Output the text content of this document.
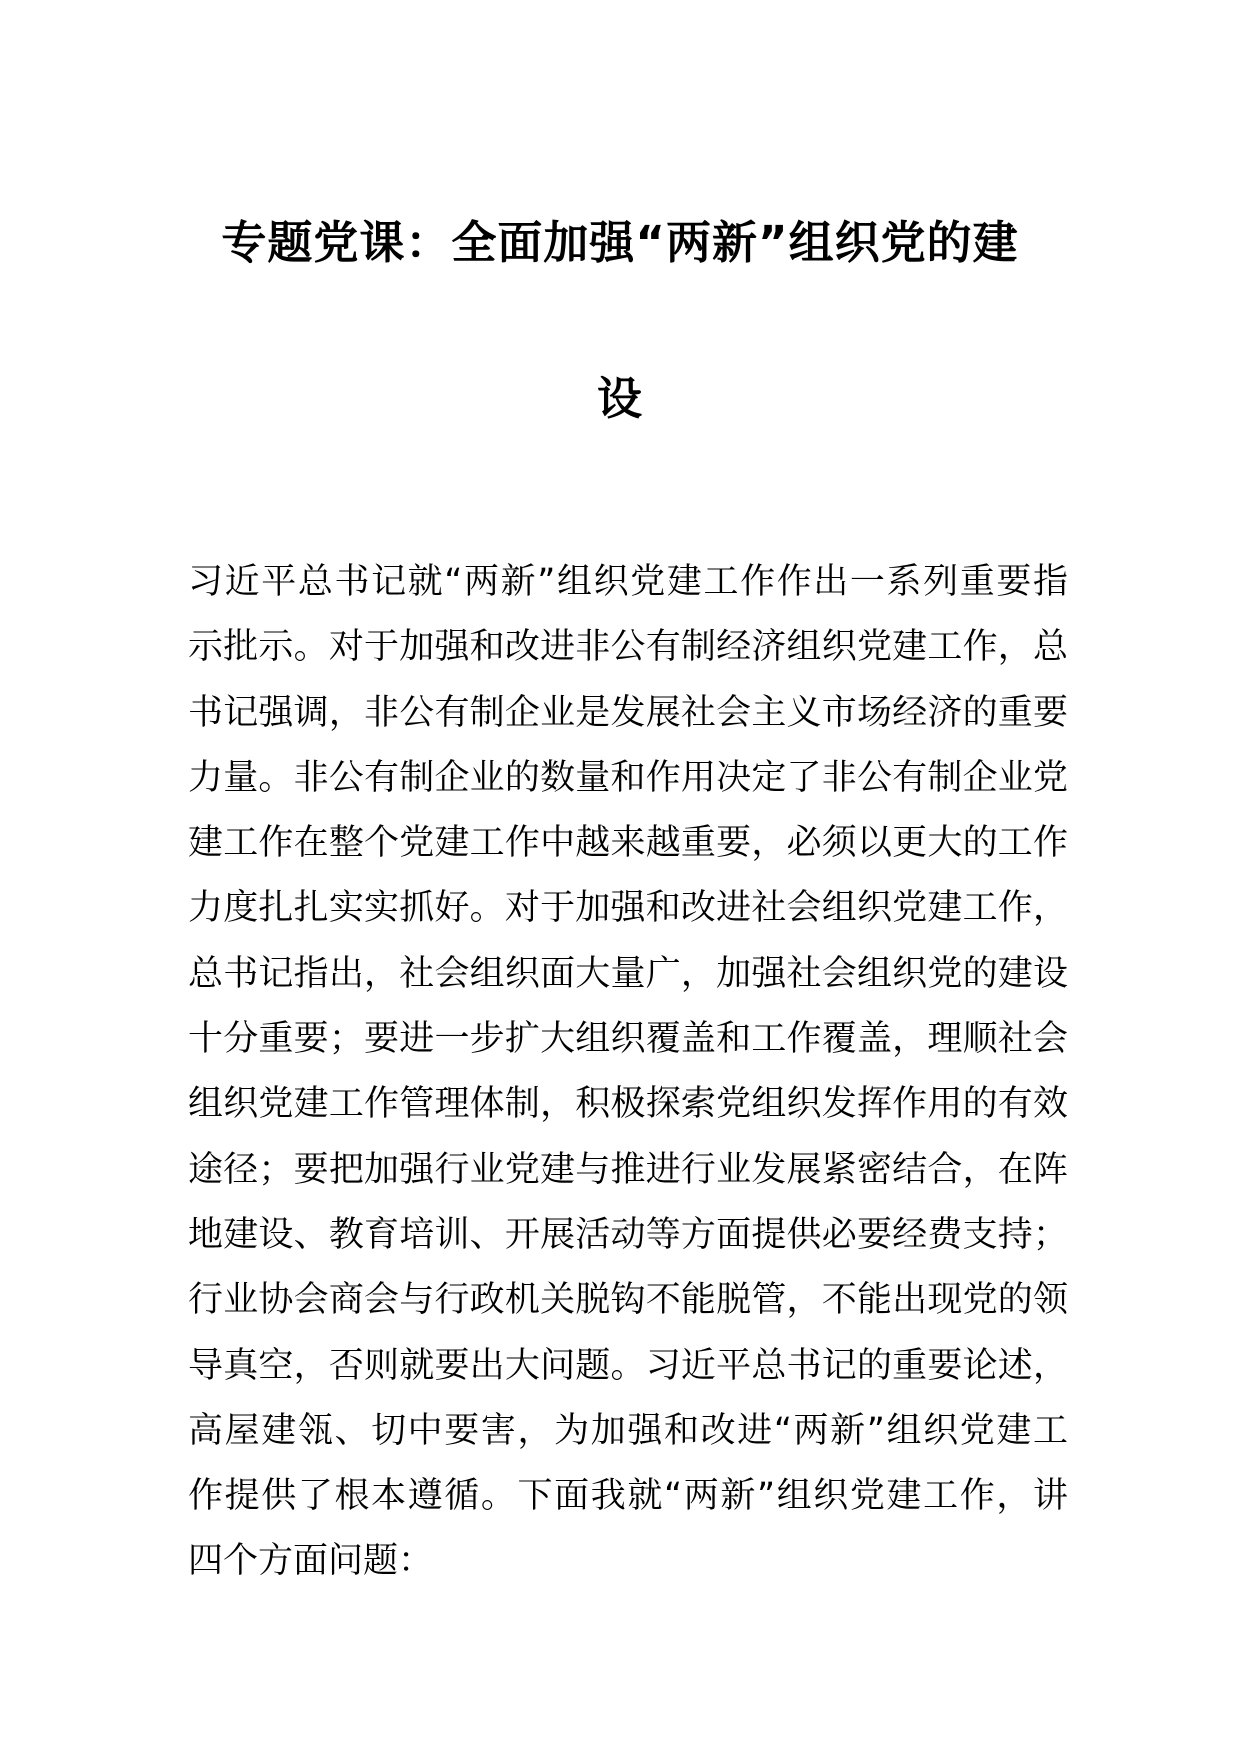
专题党课：全面加强“两新”组织党的建
设
习近平总书记就“两新”组织党建工作作出一系列重要指
示批示。对于加强和改进非公有制经济组织党建工作，总
书记强调，非公有制企业是发展社会主义市场经济的重要
力量。非公有制企业的数量和作用决定了非公有制企业党
建工作在整个党建工作中越来越重要，必须以更大的工作
力度扎扎实实抓好。对于加强和改进社会组织党建工作，
总书记指出，社会组织面大量广，加强社会组织党的建设
十分重要；要进一步扩大组织覆盖和工作覆盖，理顺社会
组织党建工作管理体制，积极探索党组织发挥作用的有效
途径；要把加强行业党建与推进行业发展紧密结合，在阵
地建设、教育培训、开展活动等方面提供必要经费支持；
行业协会商会与行政机关脱钩不能脱管，不能出现党的领
导真空，否则就要出大问题。习近平总书记的重要论述，
高屋建瓴、切中要害，为加强和改进“两新”组织党建工
作提供了根本遵循。下面我就“两新”组织党建工作，讲
四个方面问题：
